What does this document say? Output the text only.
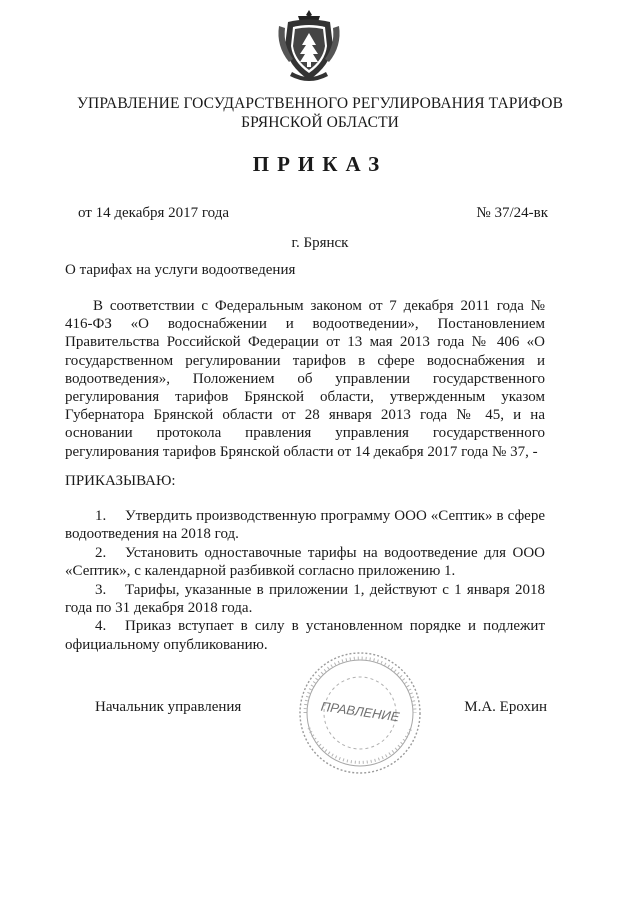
УПРАВЛЕНИЕ ГОСУДАРСТВЕННОГО РЕГУЛИРОВАНИЯ ТАРИФОВ
БРЯНСКОЙ ОБЛАСТИ
ПРИКАЗ
от 14 декабря 2017 года	№ 37/24-вк
г. Брянск
О тарифах на услуги водоотведения
В соответствии с Федеральным законом от 7 декабря 2011 года № 416-ФЗ «О водоснабжении и водоотведении», Постановлением Правительства Российской Федерации от 13 мая 2013 года № 406 «О государственном регулировании тарифов в сфере водоснабжения и водоотведения», Положением об управлении государственного регулирования тарифов Брянской области, утвержденным указом Губернатора Брянской области от 28 января 2013 года № 45, и на основании протокола правления управления государственного регулирования тарифов Брянской области от 14 декабря 2017 года № 37, -
ПРИКАЗЫВАЮ:

1. Утвердить производственную программу ООО «Септик» в сфере водоотведения на 2018 год.

2. Установить одноставочные тарифы на водоотведение для ООО «Септик», с календарной разбивкой согласно приложению 1.

3. Тарифы, указанные в приложении 1, действуют с 1 января 2018 года по 31 декабря 2018 года.

4. Приказ вступает в силу в установленном порядке и подлежит официальному опубликованию.

ПРАВЛЕНИЕ
Начальник управления	М.А. Ерохин
